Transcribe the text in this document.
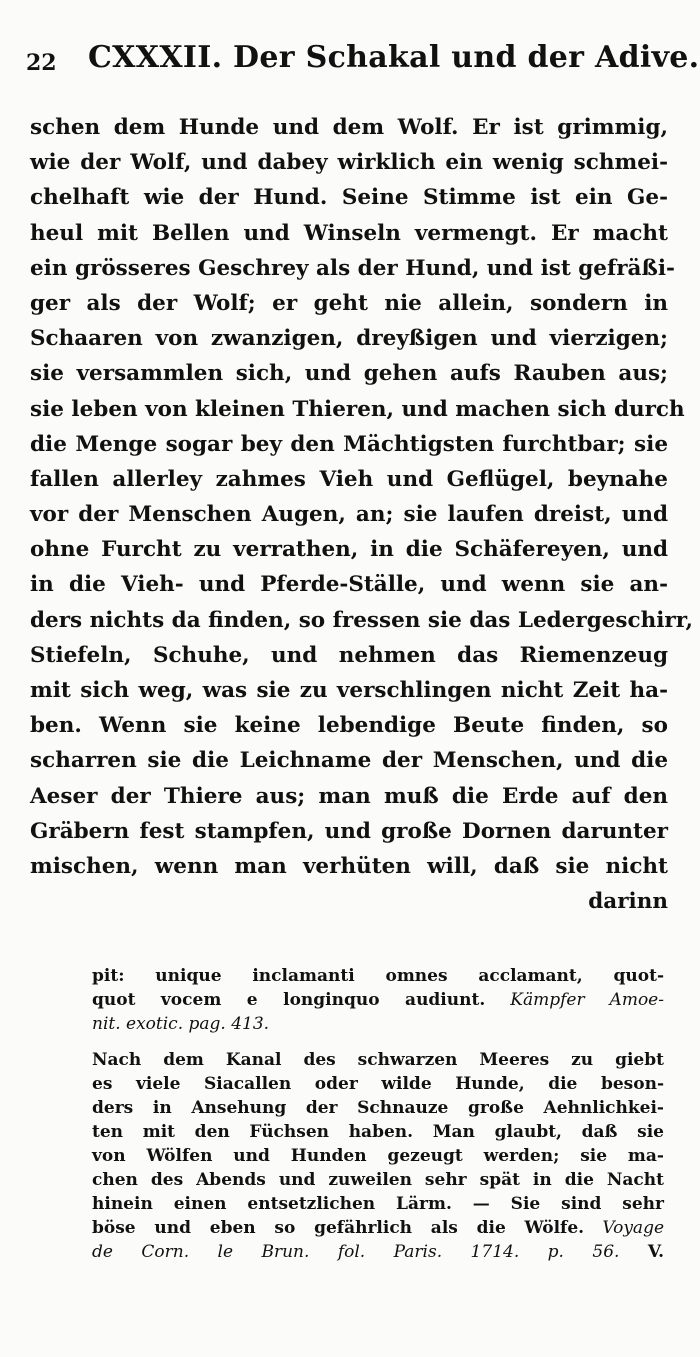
22 CXXXII. Der Schakal und der Adive.
schen dem Hunde und dem Wolf. Er ist grimmig,
wie der Wolf, und dabey wirklich ein wenig schmei-
chelhaft wie der Hund. Seine Stimme ist ein Ge-
heul mit Bellen und Winseln vermengt. Er macht
ein grösseres Geschrey als der Hund, und ist gefräßi-
ger als der Wolf; er geht nie allein, sondern in
Schaaren von zwanzigen, dreyßigen und vierzigen;
sie versammlen sich, und gehen aufs Rauben aus;
sie leben von kleinen Thieren, und machen sich durch
die Menge sogar bey den Mächtigsten furchtbar; sie
fallen allerley zahmes Vieh und Geflügel, beynahe
vor der Menschen Augen, an; sie laufen dreist, und
ohne Furcht zu verrathen, in die Schäfereyen, und
in die Vieh- und Pferde-Ställe, und wenn sie an-
ders nichts da finden, so fressen sie das Ledergeschirr,
Stiefeln, Schuhe, und nehmen das Riemenzeug
mit sich weg, was sie zu verschlingen nicht Zeit ha-
ben. Wenn sie keine lebendige Beute finden, so
scharren sie die Leichname der Menschen, und die
Aeser der Thiere aus; man muß die Erde auf den
Gräbern fest stampfen, und große Dornen darunter
mischen, wenn man verhüten will, daß sie nicht
darinn
pit: unique inclamanti omnes acclamant, quot-
quot vocem e longinquo audiunt. Kämpfer Amoe-
nit. exotic. pag. 413.
Nach dem Kanal des schwarzen Meeres zu giebt
es viele Siacallen oder wilde Hunde, die beson-
ders in Ansehung der Schnauze große Aehnlichkei-
ten mit den Füchsen haben. Man glaubt, daß sie
von Wölfen und Hunden gezeugt werden; sie ma-
chen des Abends und zuweilen sehr spät in die Nacht
hinein einen entsetzlichen Lärm. — Sie sind sehr
böse und eben so gefährlich als die Wölfe. Voyage
de Corn. le Brun. fol. Paris. 1714. p. 56. V.
